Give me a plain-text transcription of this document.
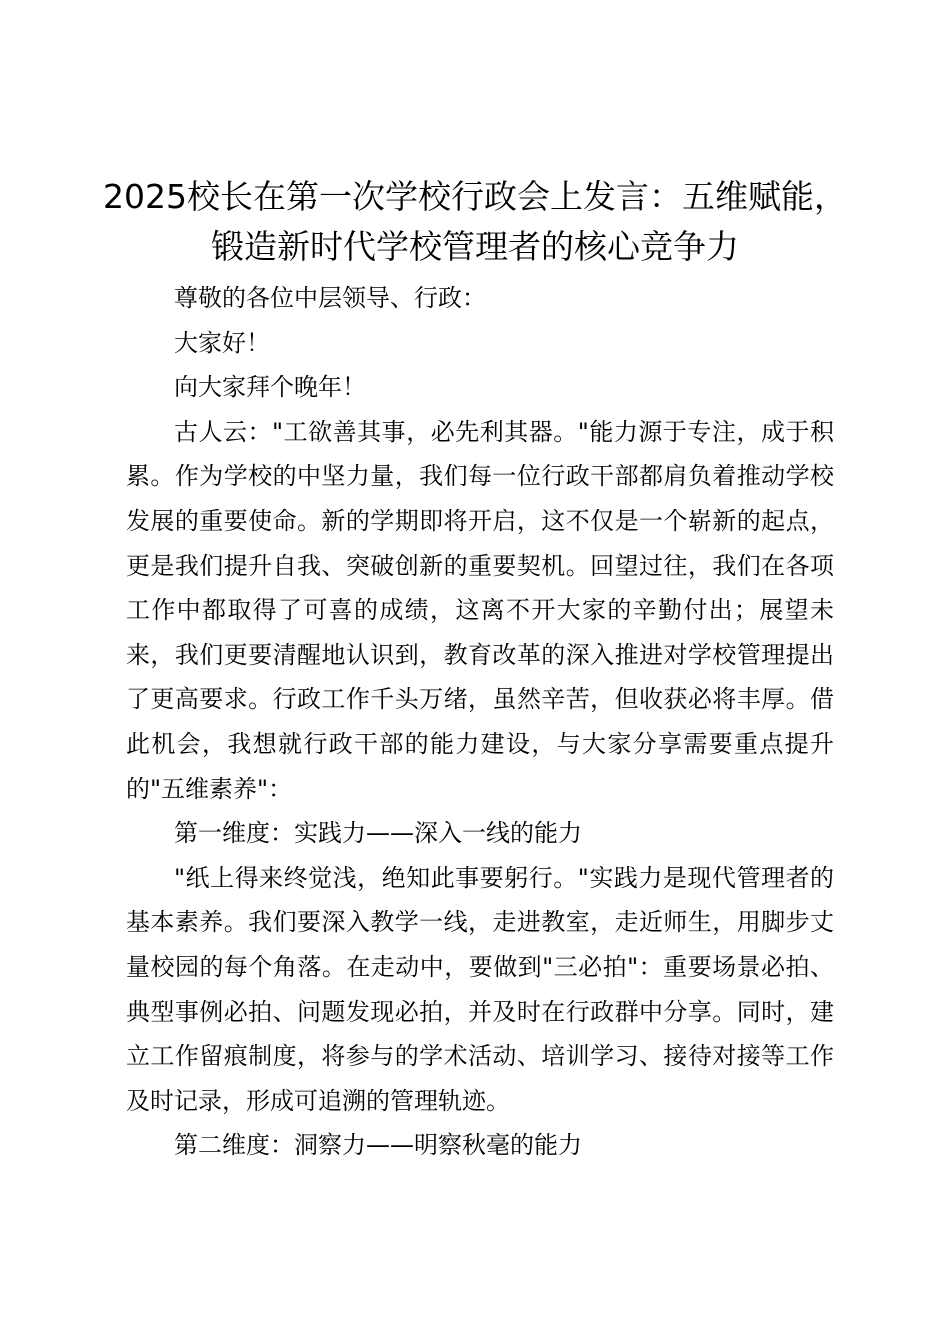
2025校长在第一次学校行政会上发言：五维赋能，锻造新时代学校管理者的核心竞争力

尊敬的各位中层领导、行政：

大家好！

向大家拜个晚年！

古人云："工欲善其事，必先利其器。"能力源于专注，成于积累。作为学校的中坚力量，我们每一位行政干部都肩负着推动学校发展的重要使命。新的学期即将开启，这不仅是一个崭新的起点，更是我们提升自我、突破创新的重要契机。回望过往，我们在各项工作中都取得了可喜的成绩，这离不开大家的辛勤付出；展望未来，我们更要清醒地认识到，教育改革的深入推进对学校管理提出了更高要求。行政工作千头万绪，虽然辛苦，但收获必将丰厚。借此机会，我想就行政干部的能力建设，与大家分享需要重点提升的"五维素养"：

第一维度：实践力——深入一线的能力

"纸上得来终觉浅，绝知此事要躬行。"实践力是现代管理者的基本素养。我们要深入教学一线，走进教室，走近师生，用脚步丈量校园的每个角落。在走动中，要做到"三必拍"：重要场景必拍、典型事例必拍、问题发现必拍，并及时在行政群中分享。同时，建立工作留痕制度，将参与的学术活动、培训学习、接待对接等工作及时记录，形成可追溯的管理轨迹。

第二维度：洞察力——明察秋毫的能力
